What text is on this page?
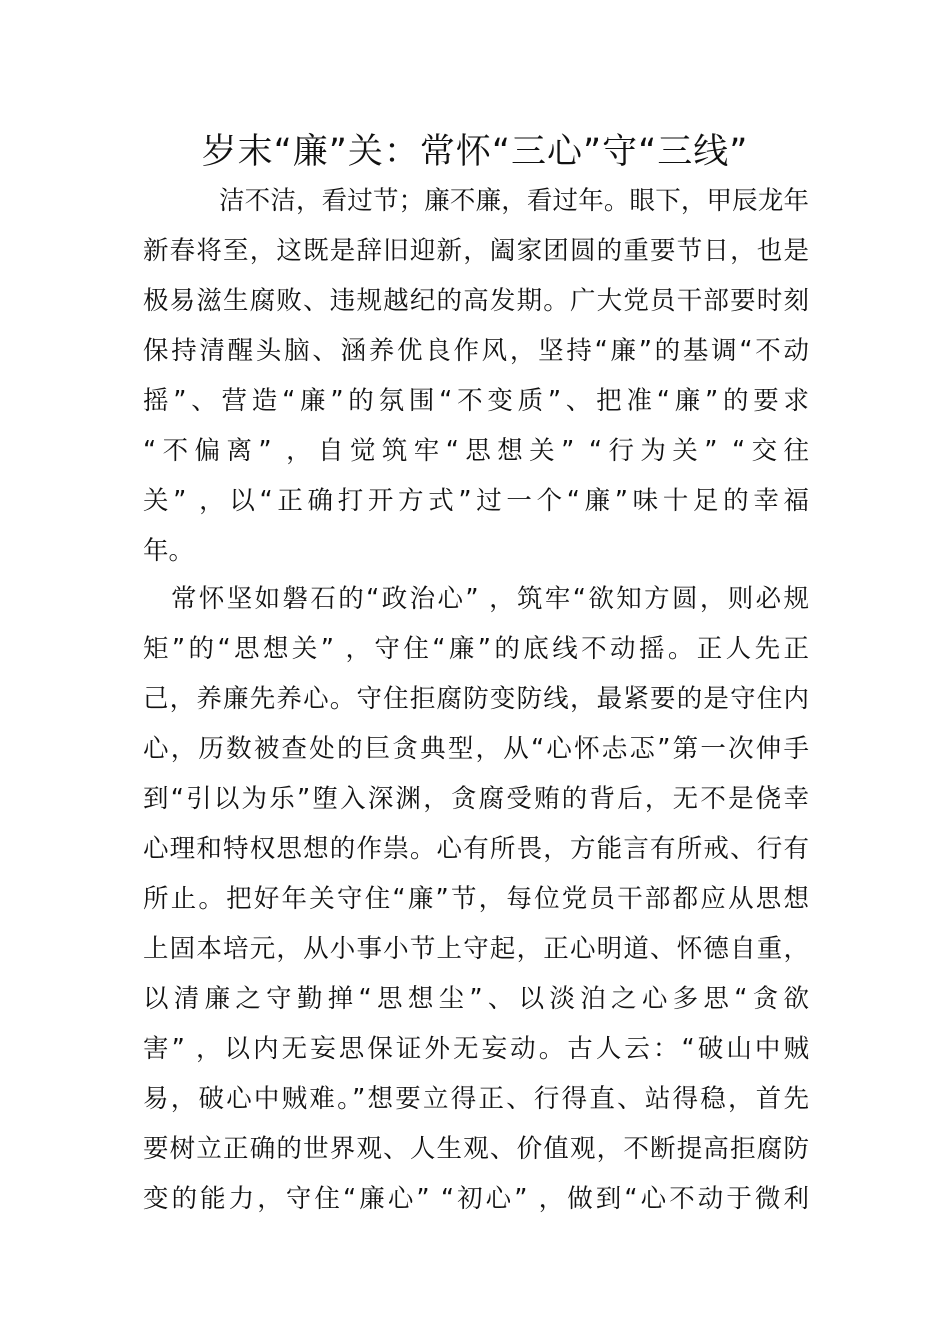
岁末“廉”关：常怀“三心”守“三线”
洁不洁，看过节；廉不廉，看过年。眼下，甲辰龙年
新春将至，这既是辞旧迎新，阖家团圆的重要节日，也是
极易滋生腐败、违规越纪的高发期。广大党员干部要时刻
保持清醒头脑、涵养优良作风，坚持“廉”的基调“不动
摇”、营造“廉”的氛围“不变质”、把准“廉”的要求
“不偏离” ，自觉筑牢“思想关” “行为关” “交往
关” ，以“正确打开方式”过一个“廉”味十足的幸福
年。
常怀坚如磐石的“政治心” ，筑牢“欲知方圆，则必规
矩”的“思想关” ，守住“廉”的底线不动摇。正人先正
己，养廉先养心。守住拒腐防变防线，最紧要的是守住内
心，历数被查处的巨贪典型，从“心怀忐忑”第一次伸手
到“引以为乐”堕入深渊，贪腐受贿的背后，无不是侥幸
心理和特权思想的作祟。心有所畏，方能言有所戒、行有
所止。把好年关守住“廉”节，每位党员干部都应从思想
上固本培元，从小事小节上守起，正心明道、怀德自重，
以清廉之守勤掸“思想尘”、以淡泊之心多思“贪欲
害” ，以内无妄思保证外无妄动。古人云：“破山中贼
易，破心中贼难。”想要立得正、行得直、站得稳，首先
要树立正确的世界观、人生观、价值观，不断提高拒腐防
变的能力，守住“廉心” “初心” ，做到“心不动于微利
